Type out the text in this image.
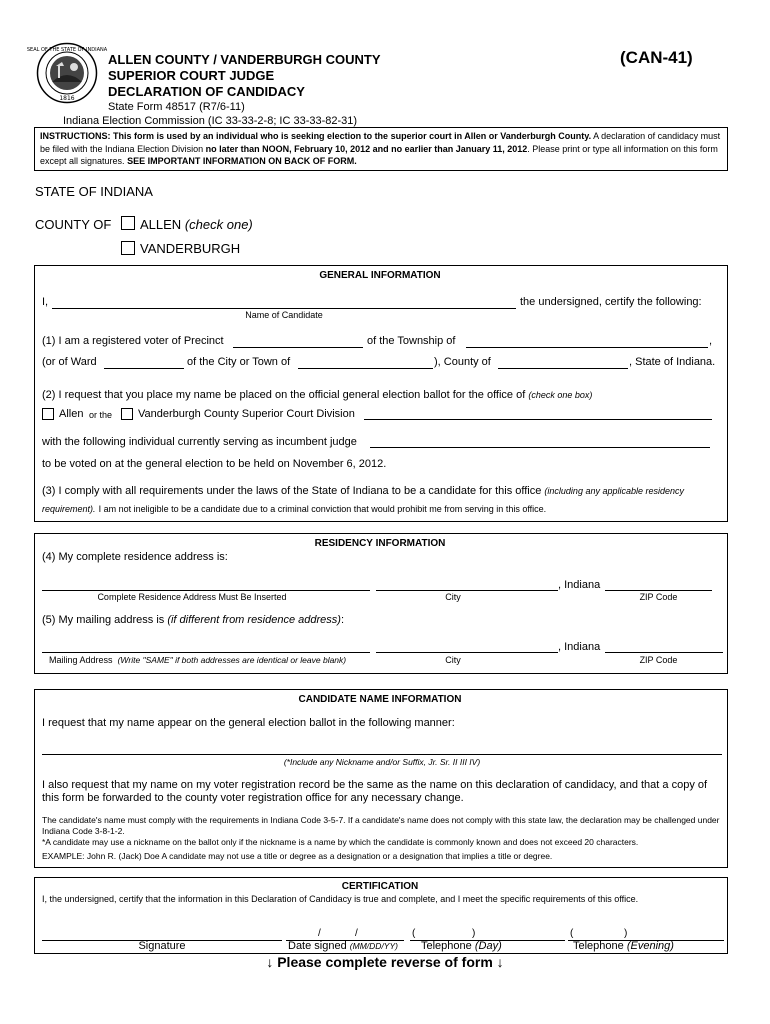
SEAL OF THE STATE OF INDIANA
1816
ALLEN COUNTY / VANDERBURGH COUNTY
SUPERIOR COURT JUDGE
DECLARATION OF CANDIDACY
(CAN-41)
State Form 48517 (R7/6-11)
Indiana Election Commission (IC 33-33-2-8; IC 33-33-82-31)
INSTRUCTIONS: This form is used by an individual who is seeking election to the superior court in Allen or Vanderburgh County. A declaration of candidacy must be filed with the Indiana Election Division no later than NOON, February 10, 2012 and no earlier than January 11, 2012. Please print or type all information on this form except all signatures. SEE IMPORTANT INFORMATION ON BACK OF FORM.
STATE OF INDIANA
COUNTY OF ALLEN (check one)
VANDERBURGH
GENERAL INFORMATION
I,	the undersigned, certify the following:
Name of Candidate
(1) I am a registered voter of Precinct	of the Township of	,
(or of Ward	of the City or Town of	), County of	, State of Indiana.
(2) I request that you place my name be placed on the official general election ballot for the office of (check one box)
Allen or the Vanderburgh County Superior Court Division
with the following individual currently serving as incumbent judge
to be voted on at the general election to be held on November 6, 2012.
(3) I comply with all requirements under the laws of the State of Indiana to be a candidate for this office (including any applicable residency
requirement). I am not ineligible to be a candidate due to a criminal conviction that would prohibit me from serving in this office.
RESIDENCY INFORMATION
(4) My complete residence address is:
, Indiana
Complete Residence Address Must Be Inserted	City	ZIP Code
(5) My mailing address is (if different from residence address):
, Indiana
Mailing Address (Write "SAME" if both addresses are identical or leave blank)	City	ZIP Code
CANDIDATE NAME INFORMATION
I request that my name appear on the general election ballot in the following manner:
(*Include any Nickname and/or Suffix, Jr. Sr. II III IV)
I also request that my name on my voter registration record be the same as the name on this declaration of candidacy, and that a copy of this form be forwarded to the county voter registration office for any necessary change.
The candidate's name must comply with the requirements in Indiana Code 3-5-7. If a candidate's name does not comply with this state law, the declaration may be challenged under Indiana Code 3-8-1-2.
*A candidate may use a nickname on the ballot only if the nickname is a name by which the candidate is commonly known and does not exceed 20 characters.
EXAMPLE: John R. (Jack) Doe A candidate may not use a title or degree as a designation or a designation that implies a title or degree.
CERTIFICATION
I, the undersigned, certify that the information in this Declaration of Candidacy is true and complete, and I meet the specific requirements of this office.
/	/	(	)	(	)
Signature	Date signed (MM/DD/YY) Telephone (Day)	Telephone (Evening)
↓ Please complete reverse of form ↓
